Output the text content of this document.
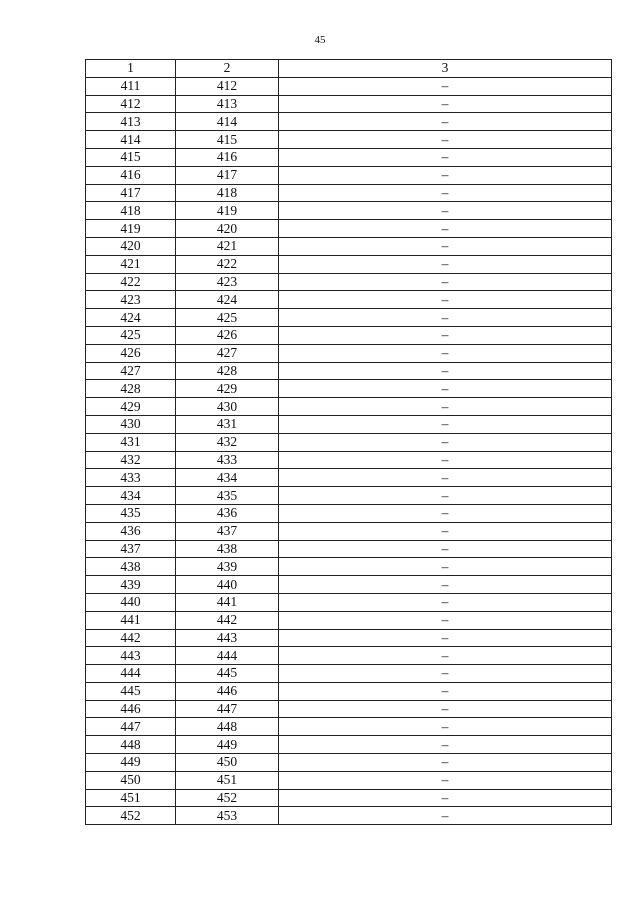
45
1	2	3
411	412	–
412	413	–
413	414	–
414	415	–
415	416	–
416	417	–
417	418	–
418	419	–
419	420	–
420	421	–
421	422	–
422	423	–
423	424	–
424	425	–
425	426	–
426	427	–
427	428	–
428	429	–
429	430	–
430	431	–
431	432	–
432	433	–
433	434	–
434	435	–
435	436	–
436	437	–
437	438	–
438	439	–
439	440	–
440	441	–
441	442	–
442	443	–
443	444	–
444	445	–
445	446	–
446	447	–
447	448	–
448	449	–
449	450	–
450	451	–
451	452	–
452	453	–
